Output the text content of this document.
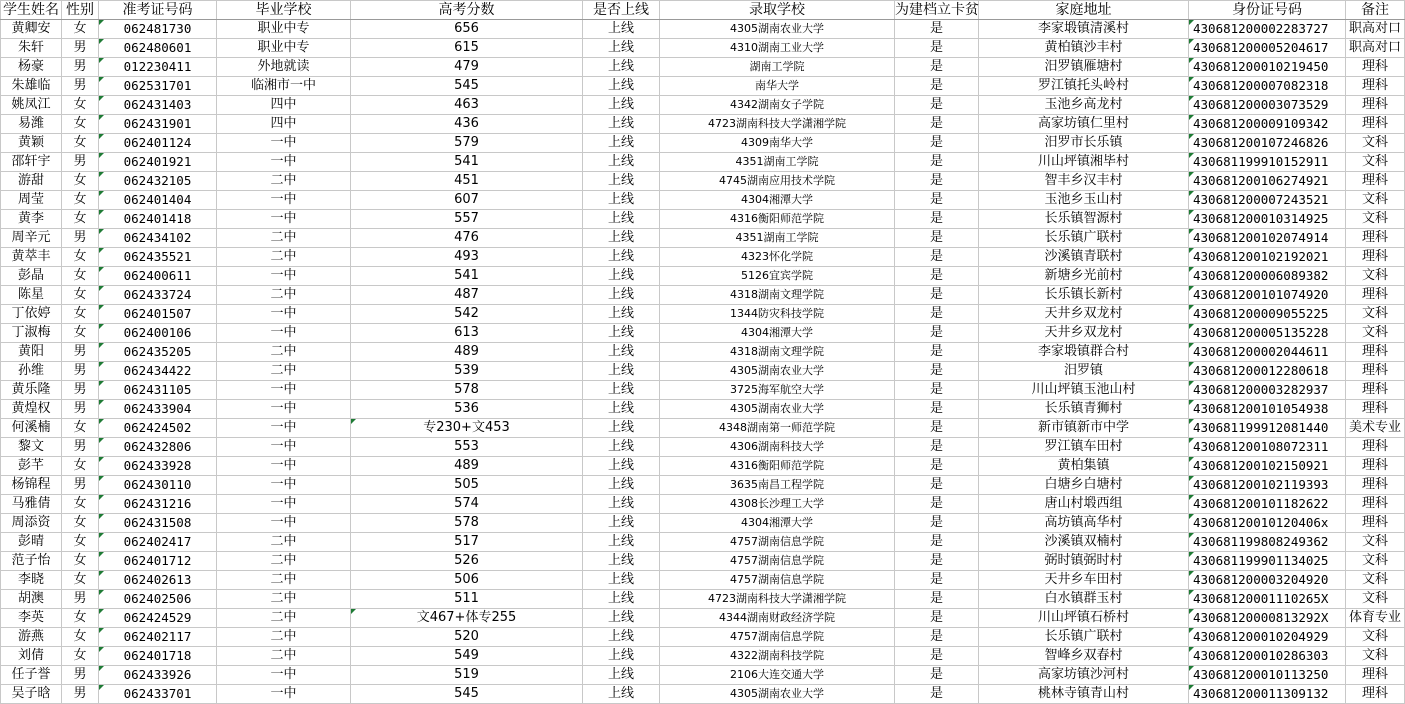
学生姓名	性别	准考证号码	毕业学校	高考分数	是否上线	录取学校	为建档立卡贫	家庭地址	身份证号码	备注
黄卿安	女	062481730	职业中专	656	上线	4305湖南农业大学	是	李家塅镇清溪村	430681200002283727	职高对口
朱轩	男	062480601	职业中专	615	上线	4310湖南工业大学	是	黄柏镇沙丰村	430681200005204617	职高对口
杨豪	男	012230411	外地就读	479	上线	湖南工学院	是	汨罗镇雁塘村	430681200010219450	理科
朱雄临	男	062531701	临湘市一中	545	上线	南华大学	是	罗江镇托头岭村	430681200007082318	理科
姚凤江	女	062431403	四中	463	上线	4342湖南女子学院	是	玉池乡高龙村	430681200003073529	理科
易潍	女	062431901	四中	436	上线	4723湖南科技大学潇湘学院	是	高家坊镇仁里村	430681200009109342	理科
黄颖	女	062401124	一中	579	上线	4309南华大学	是	汨罗市长乐镇	430681200107246826	文科
邵轩宇	男	062401921	一中	541	上线	4351湖南工学院	是	川山坪镇湘毕村	430681199910152911	文科
游甜	女	062432105	二中	451	上线	4745湖南应用技术学院	是	智丰乡汉丰村	430681200106274921	理科
周莹	女	062401404	一中	607	上线	4304湘潭大学	是	玉池乡玉山村	430681200007243521	文科
黄李	女	062401418	一中	557	上线	4316衡阳师范学院	是	长乐镇智源村	430681200010314925	文科
周辛元	男	062434102	二中	476	上线	4351湖南工学院	是	长乐镇广联村	430681200102074914	理科
黄萃丰	女	062435521	二中	493	上线	4323怀化学院	是	沙溪镇青联村	430681200102192021	理科
彭晶	女	062400611	一中	541	上线	5126宜宾学院	是	新塘乡光前村	430681200006089382	文科
陈星	女	062433724	二中	487	上线	4318湖南文理学院	是	长乐镇长新村	430681200101074920	理科
丁依婷	女	062401507	一中	542	上线	1344防灾科技学院	是	天井乡双龙村	430681200009055225	文科
丁淑梅	女	062400106	一中	613	上线	4304湘潭大学	是	天井乡双龙村	430681200005135228	文科
黄阳	男	062435205	二中	489	上线	4318湖南文理学院	是	李家塅镇群合村	430681200002044611	理科
孙维	男	062434422	二中	539	上线	4305湖南农业大学	是	汨罗镇	430681200012280618	理科
黄乐隆	男	062431105	一中	578	上线	3725海军航空大学	是	川山坪镇玉池山村	430681200003282937	理科
黄煌权	男	062433904	一中	536	上线	4305湖南农业大学	是	长乐镇青狮村	430681200101054938	理科
何溪楠	女	062424502	一中	专230+文453	上线	4348湖南第一师范学院	是	新市镇新市中学	430681199912081440	美术专业
黎文	男	062432806	一中	553	上线	4306湖南科技大学	是	罗江镇车田村	430681200108072311	理科
彭芊	女	062433928	一中	489	上线	4316衡阳师范学院	是	黄柏集镇	430681200102150921	理科
杨锦程	男	062430110	一中	505	上线	3635南昌工程学院	是	白塘乡白塘村	430681200102119393	理科
马雅倩	女	062431216	一中	574	上线	4308长沙理工大学	是	唐山村塅西组	430681200101182622	理科
周添资	女	062431508	一中	578	上线	4304湘潭大学	是	高坊镇高华村	43068120010120406x	理科
彭晴	女	062402417	二中	517	上线	4757湖南信息学院	是	沙溪镇双楠村	430681199808249362	文科
范子怡	女	062401712	二中	526	上线	4757湖南信息学院	是	弼时镇弼时村	430681199901134025	文科
李晓	女	062402613	二中	506	上线	4757湖南信息学院	是	天井乡车田村	430681200003204920	文科
胡澳	男	062402506	二中	511	上线	4723湖南科技大学潇湘学院	是	白水镇群玉村	43068120001110265X	文科
李英	女	062424529	二中	文467+体专255	上线	4344湖南财政经济学院	是	川山坪镇石桥村	43068120000813292X	体育专业
游燕	女	062402117	二中	520	上线	4757湖南信息学院	是	长乐镇广联村	430681200010204929	文科
刘倩	女	062401718	二中	549	上线	4322湖南科技学院	是	智峰乡双春村	430681200010286303	文科
任子誉	男	062433926	一中	519	上线	2106大连交通大学	是	高家坊镇沙河村	430681200010113250	理科
吴子晗	男	062433701	一中	545	上线	4305湖南农业大学	是	桃林寺镇青山村	430681200011309132	理科
